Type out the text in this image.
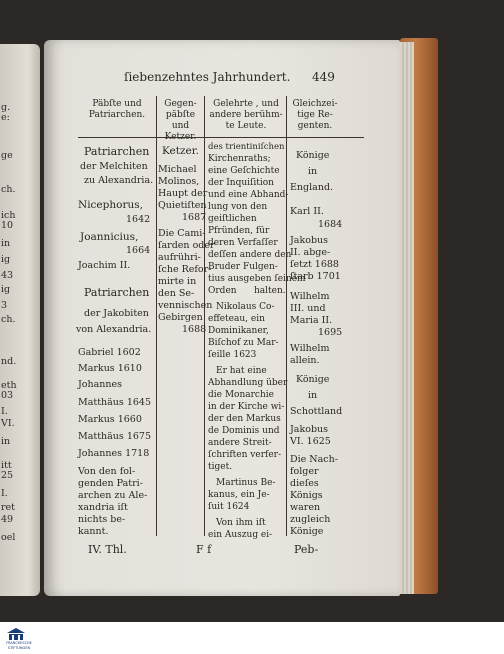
g.
e:
ge
ch.
ich
10
in
ig
43
ig
3
ch.
nd.
eth
03
I.
VI.
in
itt
25
I.
ret
49
oel
ſiebenzehntes Jahrhundert. 449
Päbſte und Patriarchen.
Gegen-päbſte und Ketzer.
Gelehrte , und andere berühm-te Leute.
Gleichzei-tige Re-genten.
Patriarchen
der Melchiten
zu Alexandria.
Nicephorus,
1642
Joannicius,
1664
Joachim II.
Patriarchen
der Jakobiten
von Alexandria.
Gabriel 1602
Markus 1610
Johannes
Matthäus 1645
Markus 1660
Matthäus 1675
Johannes 1718
Von den fol-
genden Patri-
archen zu Ale-
xandria iſt
nichts be-
kannt.
Ketzer.
Michael
Molinos,
Haupt der
Quietiſten
1687
Die Cami-
ſarden oder
aufrühri-
ſche Refor-
mirte in
den Se-
vennischen
Gebirgen
1688
des trientiniſchen
Kirchenraths;
eine Geſchichte
der Inquiſition
und eine Abhand-
lung von den
geiſtlichen
Pfründen, für
deren Verfaſſer
deſſen andere den
Bruder Fulgen-
tius ausgeben ſeinem
halten.
Orden
Nikolaus Co-
effeteau, ein
Dominikaner,
Biſchof zu Mar-
ſeille 1623
Er hat eine
Abhandlung über
die Monarchie
in der Kirche wi-
der den Markus
de Dominis und
andere Streit-
ſchriften verfer-
tiget.
Martinus Be-
kanus, ein Je-
ſuit 1624
Von ihm iſt
ein Auszug ei-
Könige
in
England.
Karl II.
1684
Jakobus
II. abge-
ſetzt 1688
ſtarb 1701
Wilhelm
III. und
Maria II.
1695
Wilhelm
allein.
Könige
in
Schottland
Jakobus
VI. 1625
Die Nach-
folger
dieſes
Königs
waren
zugleich
Könige
IV. Thl.	F f	Peb-
FRANCKESCHE
STIFTUNGEN
